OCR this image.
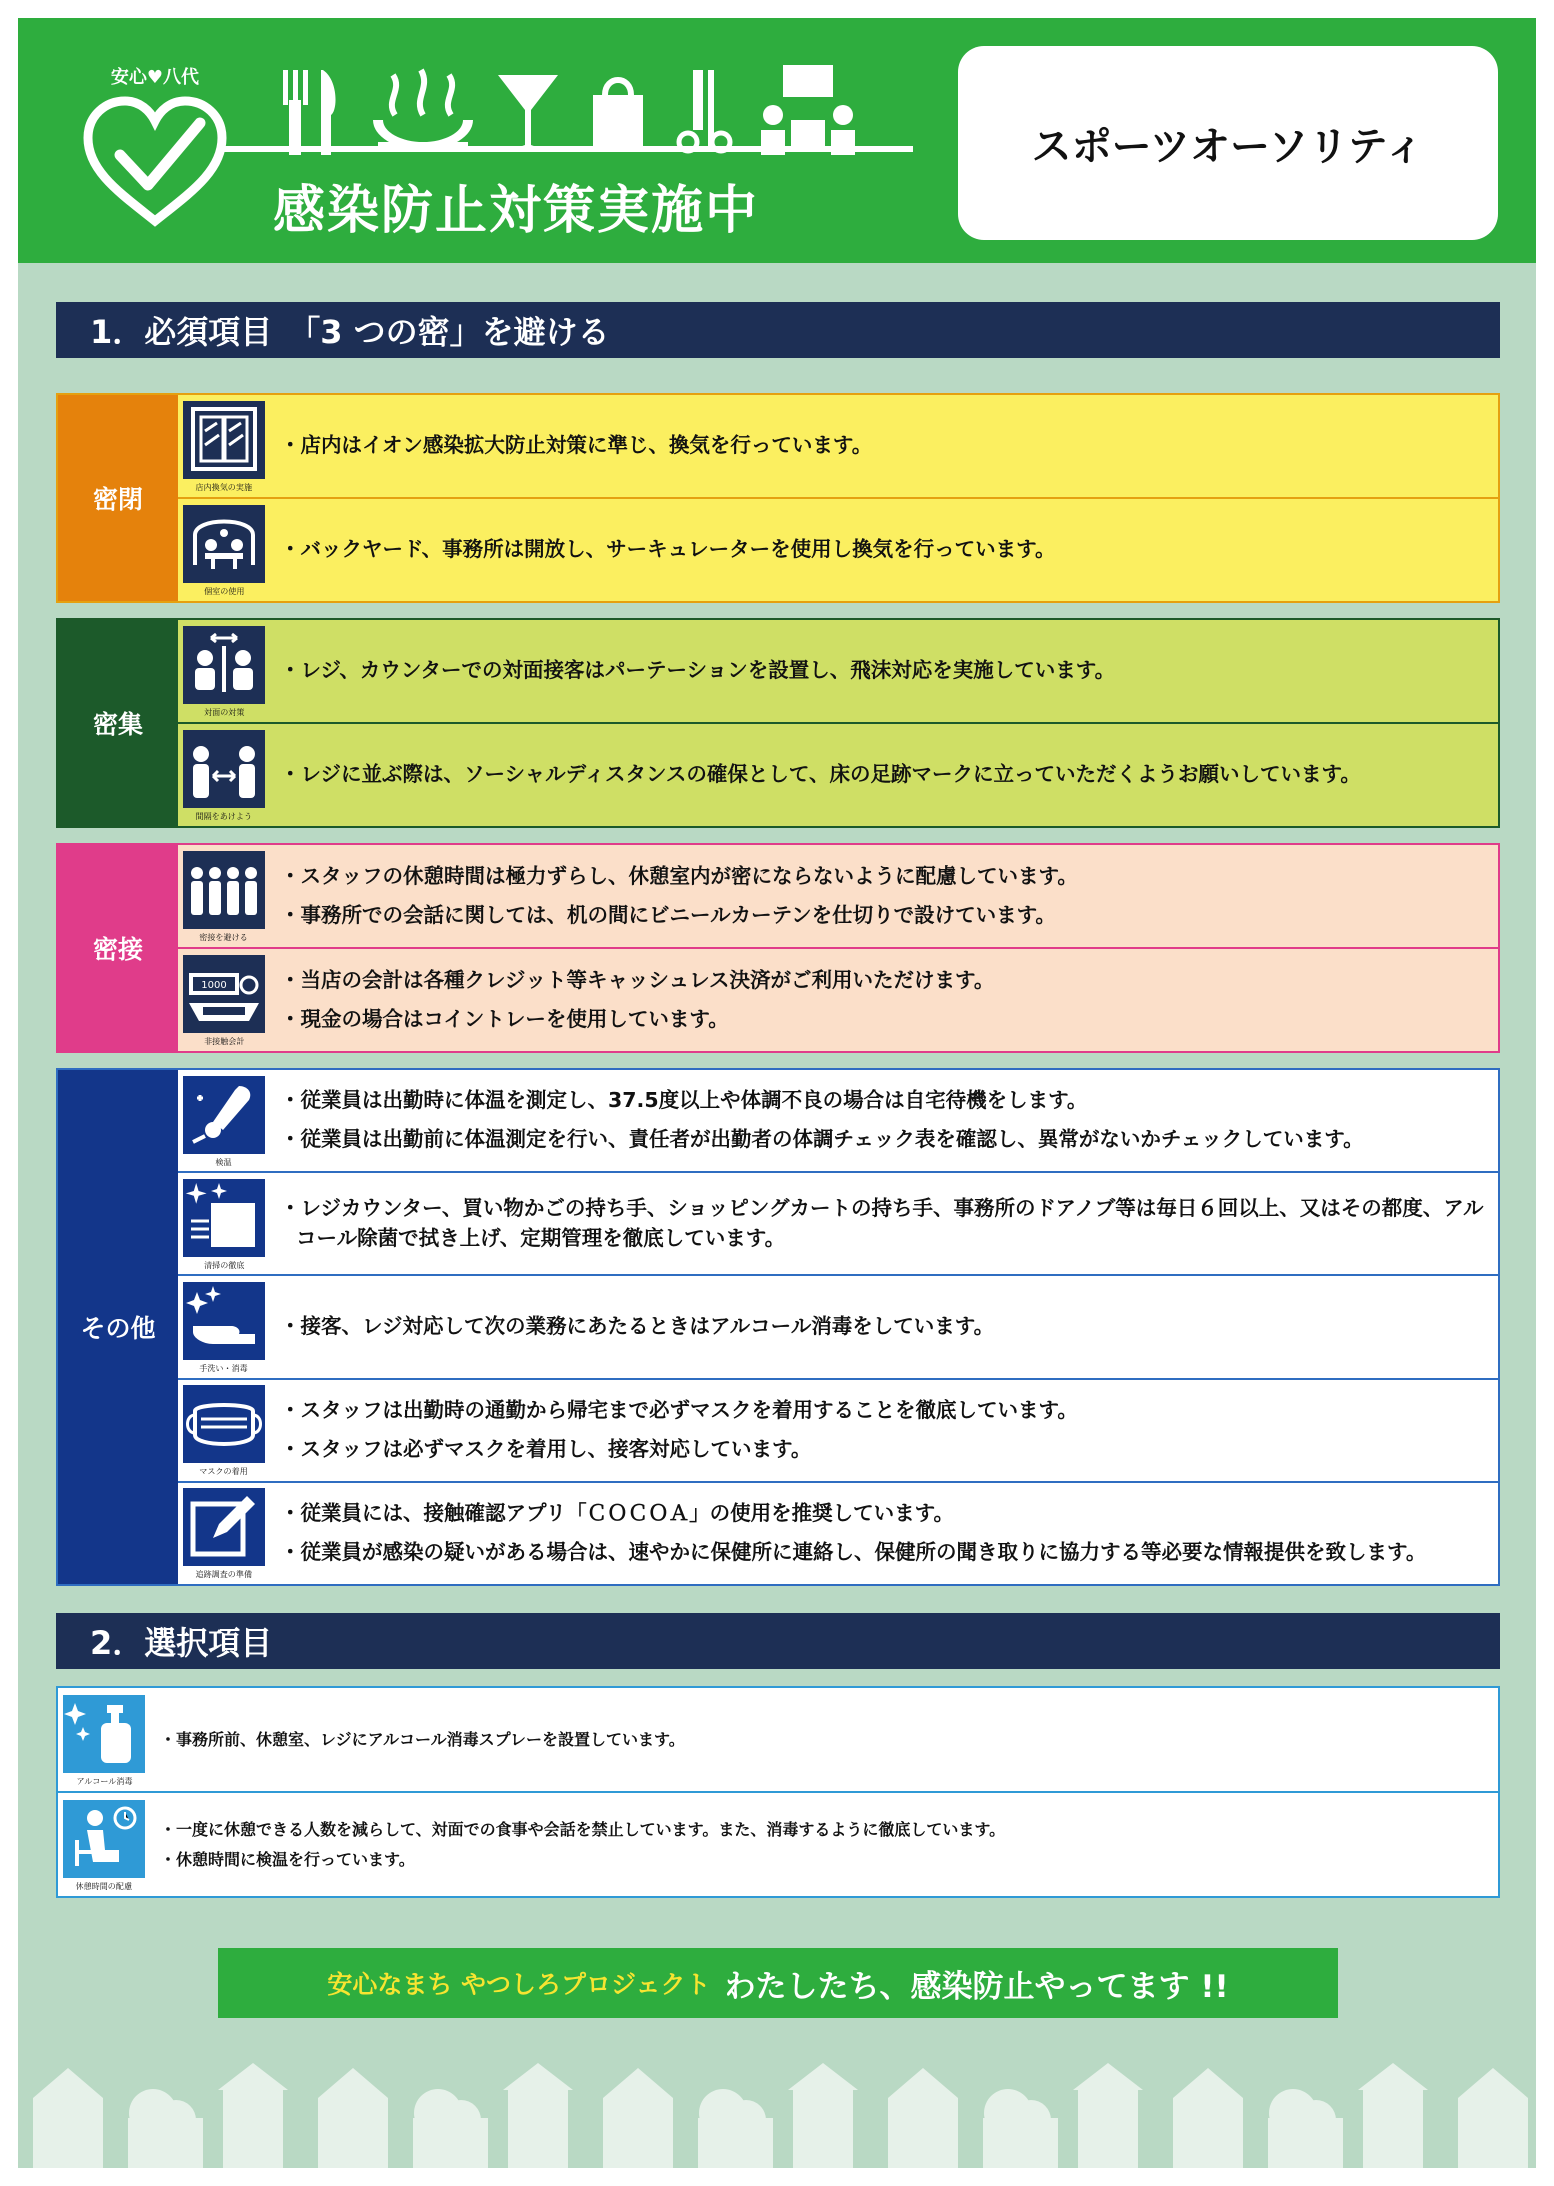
安心♥八代
感染防止対策実施中
スポーツオーソリティ
1．必須項目　「3 つの密」を避ける
密閉	店内換気の実施
・店内はイオン感染拡大防止対策に準じ、換気を行っています。
個室の使用
・バックヤード、事務所は開放し、サーキュレーターを使用し換気を行っています。
密集	対面の対策
・レジ、カウンターでの対面接客はパーテーションを設置し、飛沫対応を実施しています。
間隔をあけよう
・レジに並ぶ際は、ソーシャルディスタンスの確保として、床の足跡マークに立っていただくようお願いしています。
密接	密接を避ける
・スタッフの休憩時間は極力ずらし、休憩室内が密にならないように配慮しています。
・事務所での会話に関しては、机の間にビニールカーテンを仕切りで設けています。
1000
非接触会計
・当店の会計は各種クレジット等キャッシュレス決済がご利用いただけます。
・現金の場合はコイントレーを使用しています。
その他
検温
・従業員は出勤時に体温を測定し、37.5度以上や体調不良の場合は自宅待機をします。
・従業員は出勤前に体温測定を行い、責任者が出勤者の体調チェック表を確認し、異常がないかチェックしています。
清掃の徹底
・レジカウンター、買い物かごの持ち手、ショッピングカートの持ち手、事務所のドアノブ等は毎日６回以上、又はその都度、アルコール除菌で拭き上げ、定期管理を徹底しています。
手洗い・消毒
・接客、レジ対応して次の業務にあたるときはアルコール消毒をしています。
マスクの着用
・スタッフは出勤時の通勤から帰宅まで必ずマスクを着用することを徹底しています。
・スタッフは必ずマスクを着用し、接客対応しています。
追跡調査の準備
・従業員には、接触確認アプリ「ＣＯＣＯＡ」の使用を推奨しています。
・従業員が感染の疑いがある場合は、速やかに保健所に連絡し、保健所の聞き取りに協力する等必要な情報提供を致します。
2．選択項目
アルコール消毒
・事務所前、休憩室、レジにアルコール消毒スプレーを設置しています。
休憩時間の配慮
・一度に休憩できる人数を減らして、対面での食事や会話を禁止しています。また、消毒するように徹底しています。
・休憩時間に検温を行っています。
安心なまち やつしろプロジェクト わたしたち、感染防止やってます !!
